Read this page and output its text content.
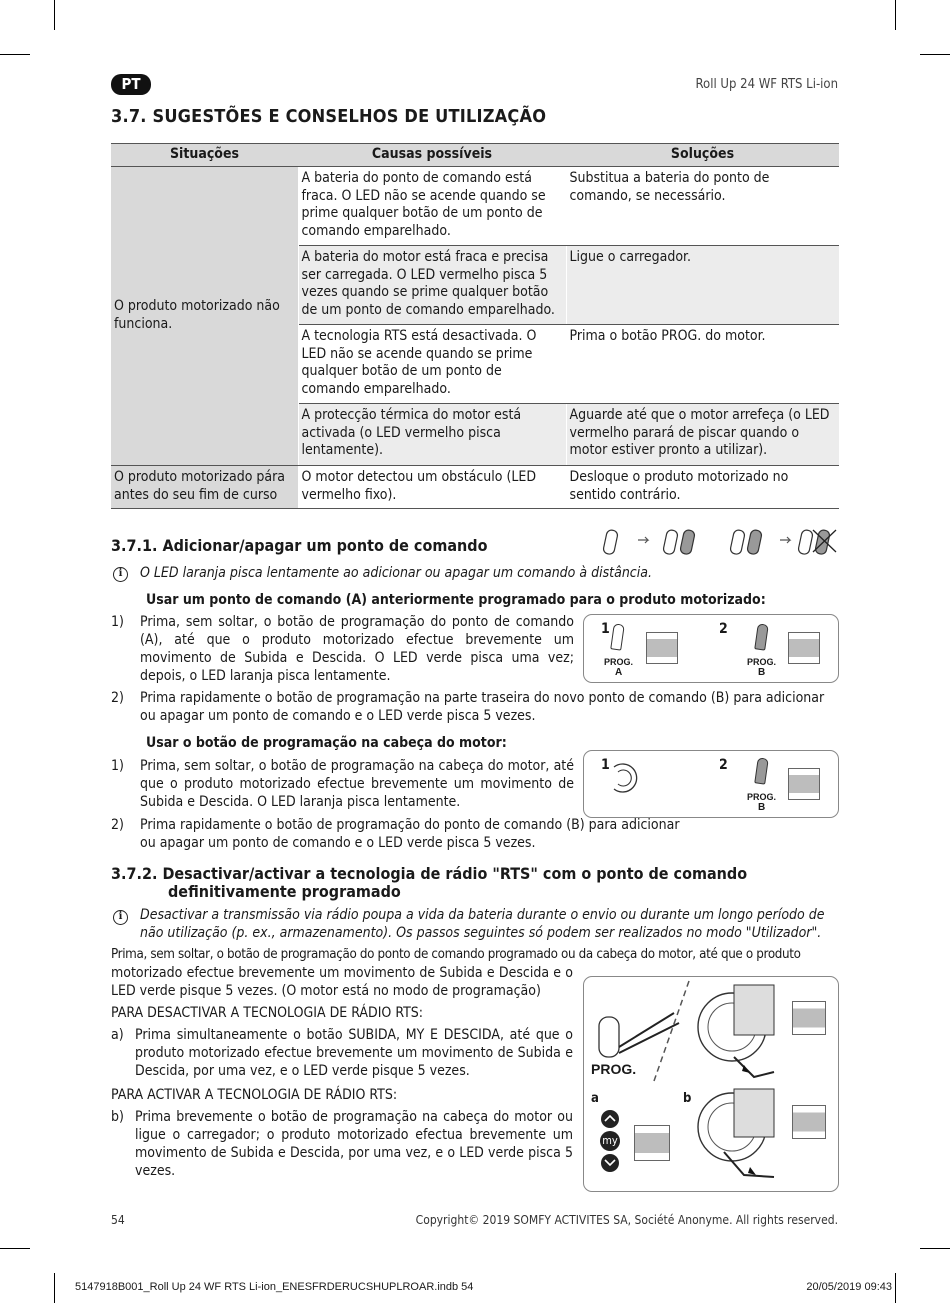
PT	Roll Up 24 WF RTS Li-ion
3.7. SUGESTÕES E CONSELHOS DE UTILIZAÇÃO
Situações	Causas possíveis	Soluções
O produto motorizado não funciona.	A bateria do ponto de comando está fraca. O LED não se acende quando se prime qualquer botão de um ponto de comando emparelhado.	Substitua a bateria do ponto de comando, se necessário.
	A bateria do motor está fraca e precisa ser carregada. O LED vermelho pisca 5 vezes quando se prime qualquer botão de um ponto de comando emparelhado.	Ligue o carregador.
	A tecnologia RTS está desactivada. O LED não se acende quando se prime qualquer botão de um ponto de comando emparelhado.	Prima o botão PROG. do motor.
	A protecção térmica do motor está activada (o LED vermelho pisca lentamente).	Aguarde até que o motor arrefeça (o LED vermelho parará de piscar quando o motor estiver pronto a utilizar).
O produto motorizado pára antes do seu fim de curso	O motor detectou um obstáculo (LED vermelho fixo).	Desloque o produto motorizado no sentido contrário.
3.7.1. Adicionar/apagar um ponto de comando
i	O LED laranja pisca lentamente ao adicionar ou apagar um comando à distância.
Usar um ponto de comando (A) anteriormente programado para o produto motorizado:
1) Prima, sem soltar, o botão de programação do ponto de comando (A), até que o produto motorizado efectue brevemente um movimento de Subida e Descida. O LED verde pisca uma vez; depois, o LED laranja pisca lentamente.
1	2
PROG.
A
PROG.
B
2) Prima rapidamente o botão de programação na parte traseira do novo ponto de comando (B) para adicionar ou apagar um ponto de comando e o LED verde pisca 5 vezes.
Usar o botão de programação na cabeça do motor:
1) Prima, sem soltar, o botão de programação na cabeça do motor, até que o produto motorizado efectue brevemente um movimento de Subida e Descida. O LED laranja pisca lentamente.
1	2
PROG.
B
2) Prima rapidamente o botão de programação do ponto de comando (B) para adicionar ou apagar um ponto de comando e o LED verde pisca 5 vezes.
3.7.2. Desactivar/activar a tecnologia de rádio "RTS" com o ponto de comando
definitivamente programado
i	Desactivar a transmissão via rádio poupa a vida da bateria durante o envio ou durante um longo período de não utilização (p. ex., armazenamento). Os passos seguintes só podem ser realizados no modo "Utilizador".
Prima, sem soltar, o botão de programação do ponto de comando programado ou da cabeça do motor, até que o produto
motorizado efectue brevemente um movimento de Subida e Descida e o LED verde pisque 5 vezes. (O motor está no modo de programação)
PARA DESACTIVAR A TECNOLOGIA DE RÁDIO RTS:
a) Prima simultaneamente o botão SUBIDA, MY E DESCIDA, até que o produto motorizado efectue brevemente um movimento de Subida e Descida, por uma vez, e o LED verde pisque 5 vezes.
PARA ACTIVAR A TECNOLOGIA DE RÁDIO RTS:
b) Prima brevemente o botão de programação na cabeça do motor ou ligue o carregador; o produto motorizado efectua brevemente um movimento de Subida e Descida, por uma vez, e o LED verde pisca 5 vezes.
PROG.
a	b
my
54	Copyright© 2019 SOMFY ACTIVITES SA, Société Anonyme. All rights reserved.
5147918B001_Roll Up 24 WF RTS Li-ion_ENESFRDERUCSHUPLROAR.indb 54	20/05/2019 09:43
